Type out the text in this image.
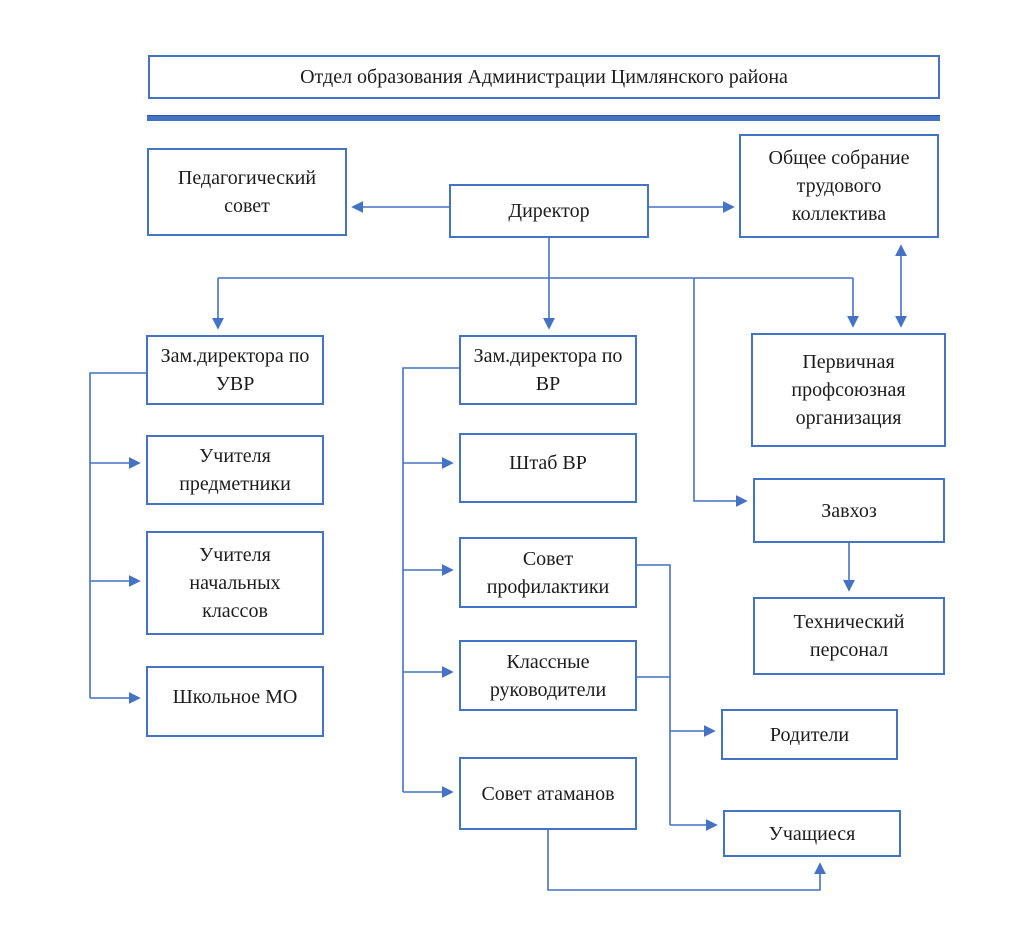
Отдел образования Администрации Цимлянского района
Педагогический совет	Директор
Общее собрание трудового коллектива
Зам.директора по УВР
Учителя предметники
Учителя начальных классов
Школьное МО
Зам.директора по ВР
Штаб ВР
Совет профилактики
Классные руководители
Совет атаманов
Первичная профсоюзная организация
Завхоз
Технический персонал
Родители
Учащиеся
